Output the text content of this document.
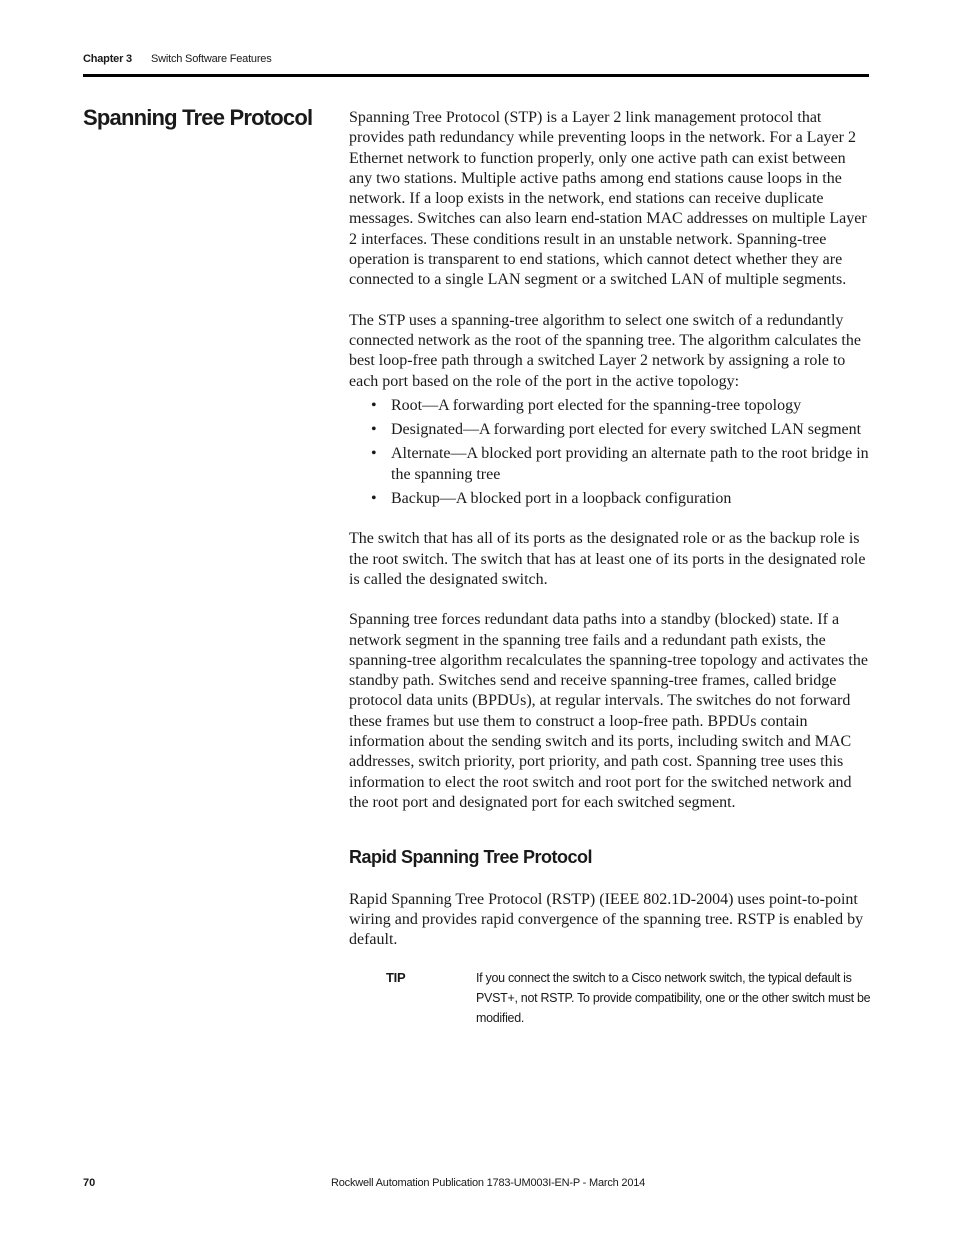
Chapter 3 Switch Software Features
Spanning Tree Protocol Spanning Tree Protocol (STP) is a Layer 2 link management protocol that provides path redundancy while preventing loops in the network. For a Layer 2 Ethernet network to function properly, only one active path can exist between any two stations. Multiple active paths among end stations cause loops in the network. If a loop exists in the network, end stations can receive duplicate messages. Switches can also learn end-station MAC addresses on multiple Layer 2 interfaces. These conditions result in an unstable network. Spanning-tree operation is transparent to end stations, which cannot detect whether they are connected to a single LAN segment or a switched LAN of multiple segments.

The STP uses a spanning-tree algorithm to select one switch of a redundantly connected network as the root of the spanning tree. The algorithm calculates the best loop-free path through a switched Layer 2 network by assigning a role to each port based on the role of the port in the active topology:

• Root—A forwarding port elected for the spanning-tree topology
• Designated—A forwarding port elected for every switched LAN segment
• Alternate—A blocked port providing an alternate path to the root bridge in the spanning tree
• Backup—A blocked port in a loopback configuration

The switch that has all of its ports as the designated role or as the backup role is the root switch. The switch that has at least one of its ports in the designated role is called the designated switch.

Spanning tree forces redundant data paths into a standby (blocked) state. If a network segment in the spanning tree fails and a redundant path exists, the spanning-tree algorithm recalculates the spanning-tree topology and activates the standby path. Switches send and receive spanning-tree frames, called bridge protocol data units (BPDUs), at regular intervals. The switches do not forward these frames but use them to construct a loop-free path. BPDUs contain information about the sending switch and its ports, including switch and MAC addresses, switch priority, port priority, and path cost. Spanning tree uses this information to elect the root switch and root port for the switched network and the root port and designated port for each switched segment.

Rapid Spanning Tree Protocol

Rapid Spanning Tree Protocol (RSTP) (IEEE 802.1D-2004) uses point-to-point wiring and provides rapid convergence of the spanning tree. RSTP is enabled by default.

TIP	If you connect the switch to a Cisco network switch, the typical default is PVST+, not RSTP. To provide compatibility, one or the other switch must be modified.
70	Rockwell Automation Publication 1783-UM003I-EN-P - March 2014
